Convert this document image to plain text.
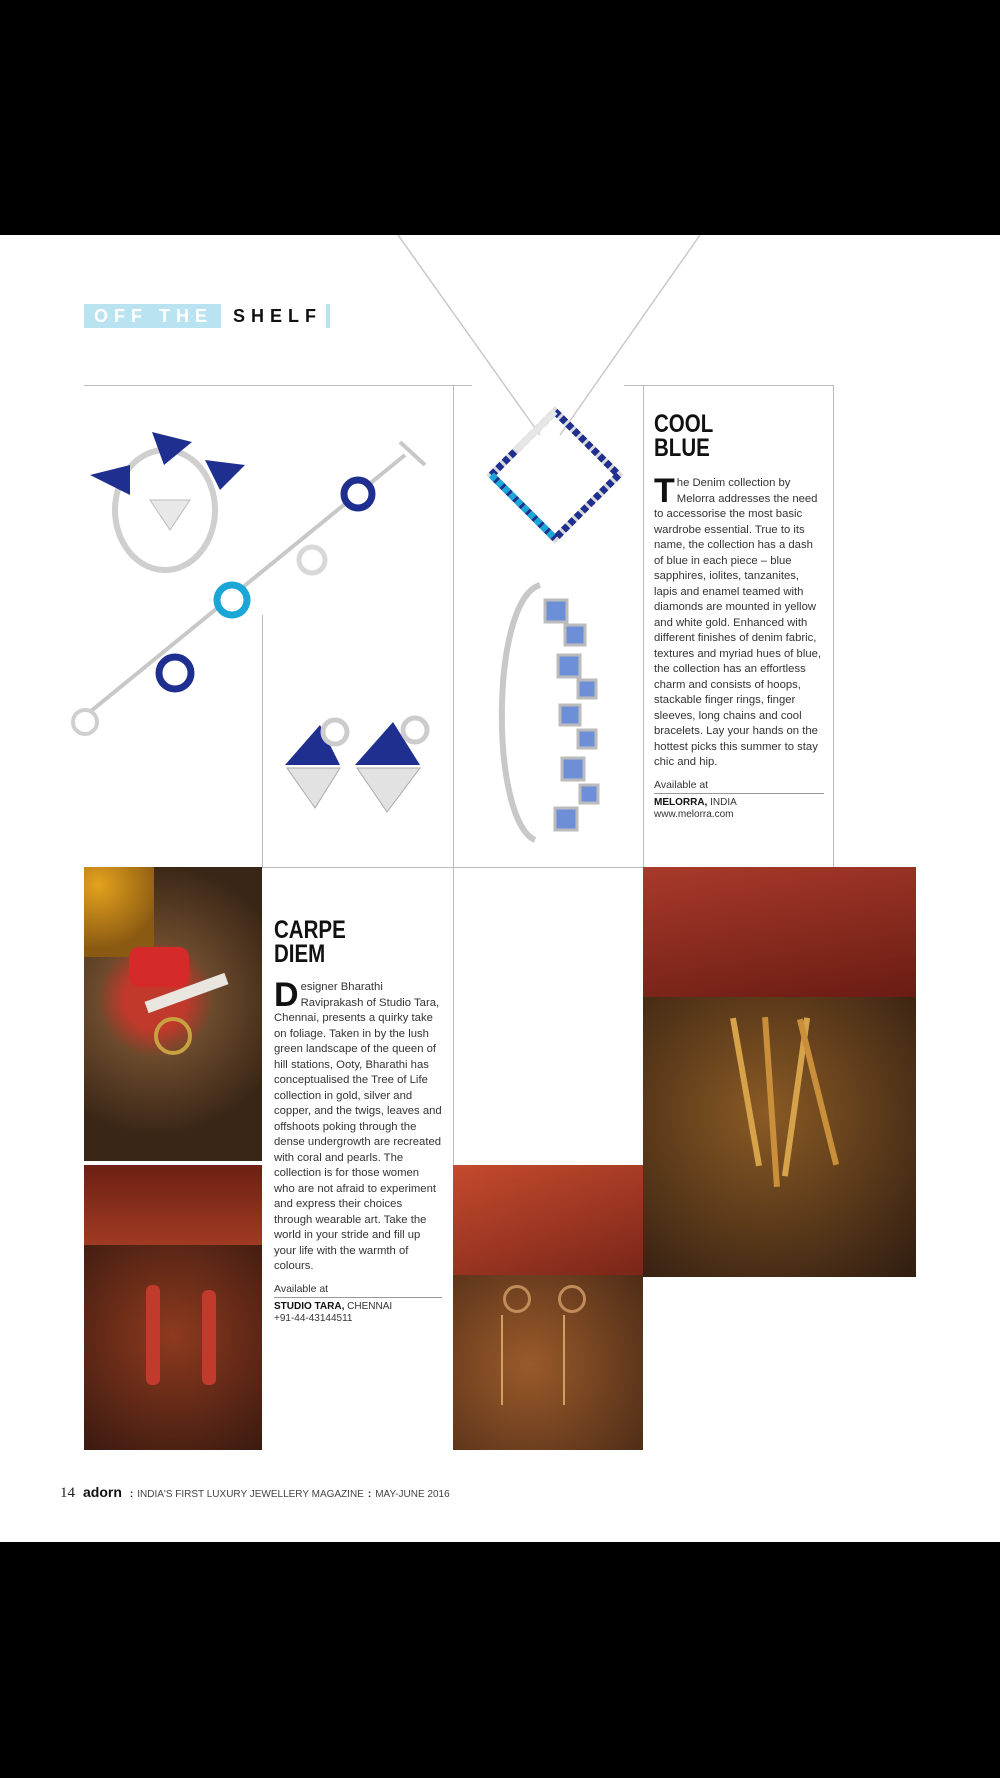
OFF THE	SHELF
COOL
BLUE
The Denim collection by Melorra addresses the need to accessorise the most basic wardrobe essential. True to its name, the collection has a dash of blue in each piece – blue sapphires, iolites, tanzanites, lapis and enamel teamed with diamonds are mounted in yellow and white gold. Enhanced with different finishes of denim fabric, textures and myriad hues of blue, the collection has an effortless charm and consists of hoops, stackable finger rings, finger sleeves, long chains and cool bracelets. Lay your hands on the hottest picks this summer to stay chic and hip.
Available at
MELORRA, INDIA
www.melorra.com
CARPE
DIEM
Designer Bharathi Raviprakash of Studio Tara, Chennai, presents a quirky take on foliage. Taken in by the lush green landscape of the queen of hill stations, Ooty, Bharathi has conceptualised the Tree of Life collection in gold, silver and copper, and the twigs, leaves and offshoots poking through the dense undergrowth are recreated with coral and pearls. The collection is for those women who are not afraid to experiment and express their choices through wearable art. Take the world in your stride and fill up your life with the warmth of colours.
Available at
STUDIO TARA, CHENNAI
+91-44-43144511
14 adorn : INDIA'S FIRST LUXURY JEWELLERY MAGAZINE : MAY-JUNE 2016
